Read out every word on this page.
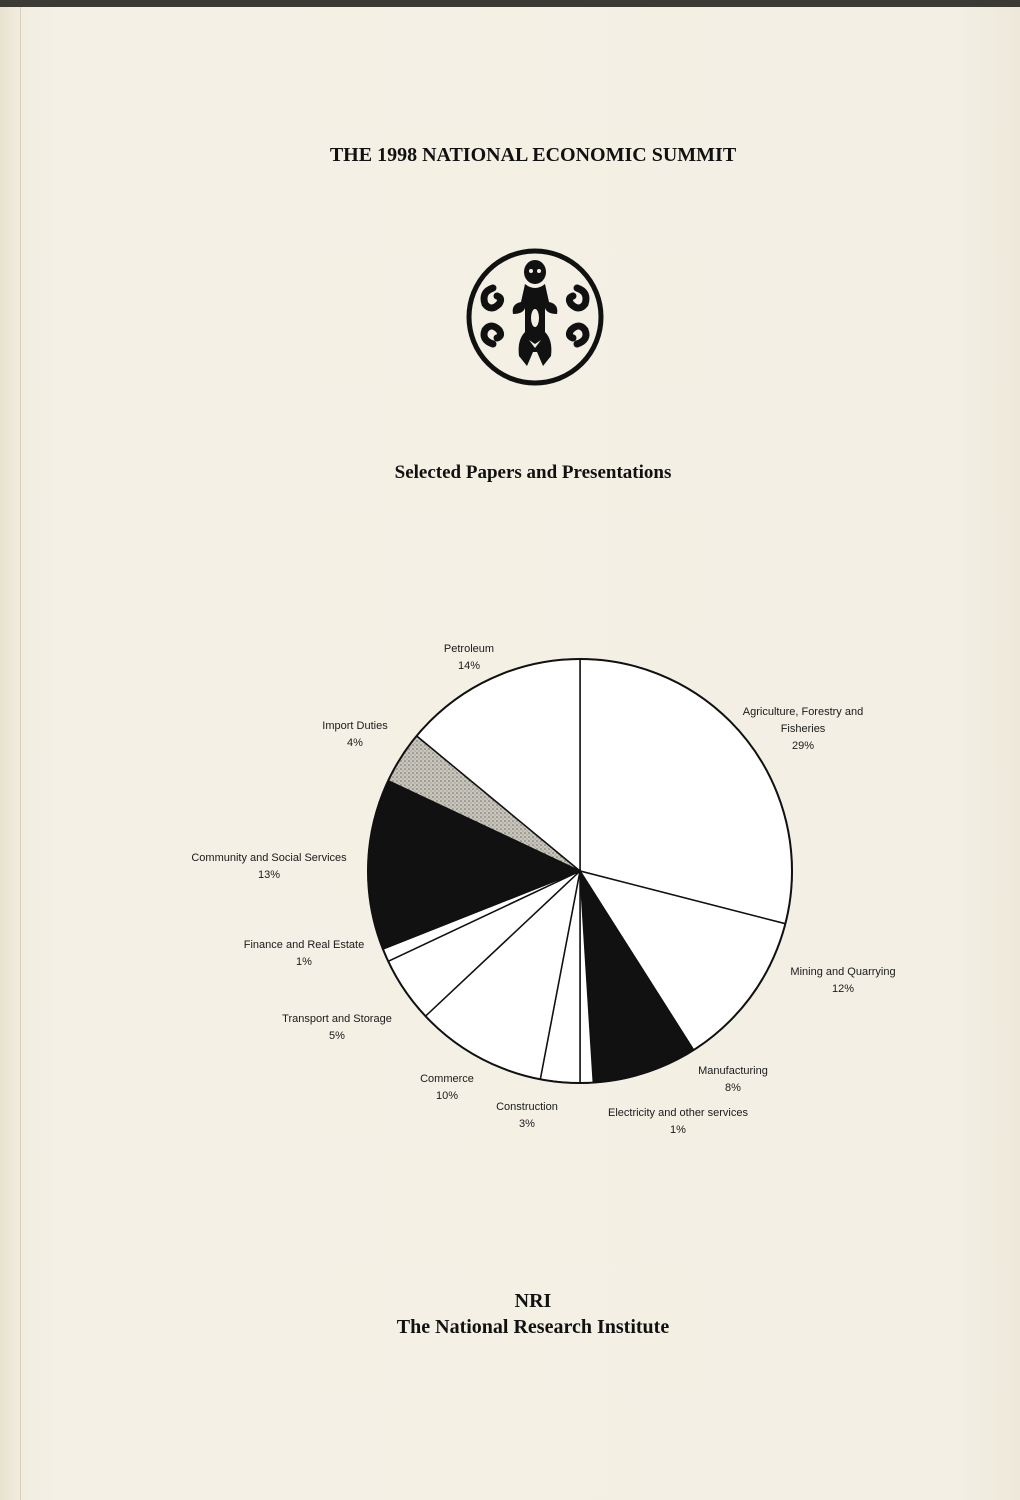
THE 1998 NATIONAL ECONOMIC SUMMIT
Selected Papers and Presentations
Agriculture, Forestry and
Fisheries
29%
Mining and Quarrying
12%
Manufacturing
8%
Electricity and other services
1%
Construction
3%
Commerce
10%
Transport and Storage
5%
Finance and Real Estate
1%
Community and Social Services
13%
Import Duties
4%
Petroleum
14%
NRI
The National Research Institute
